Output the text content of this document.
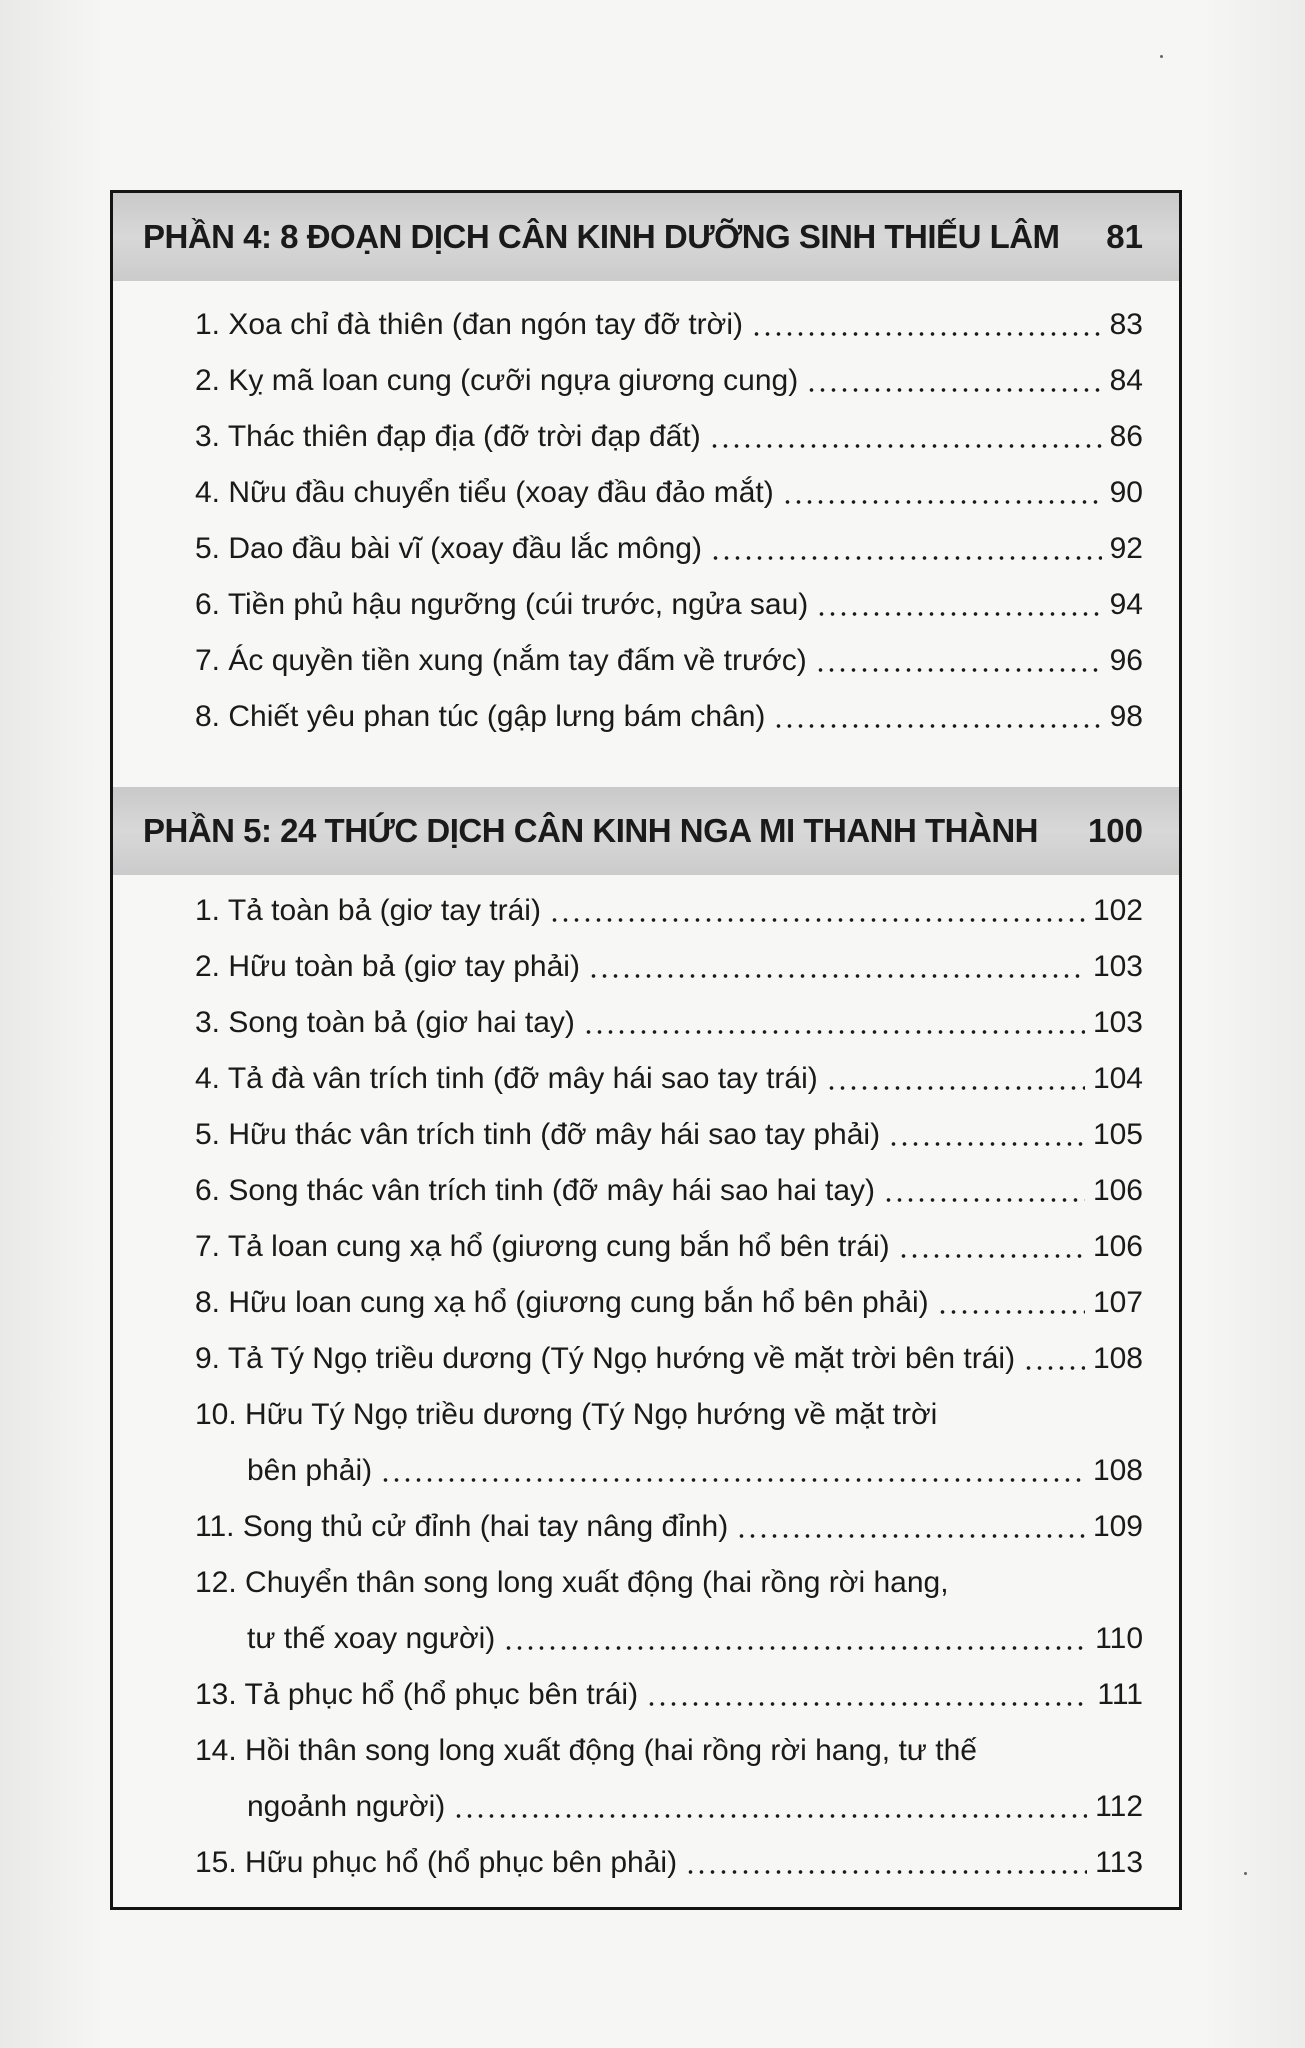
PHẦN 4: 8 ĐOẠN DỊCH CÂN KINH DƯỠNG SINH THIẾU LÂM 81
1. Xoa chỉ đà thiên (đan ngón tay đỡ trời)	83
2. Kỵ mã loan cung (cưỡi ngựa giương cung)	84
3. Thác thiên đạp địa (đỡ trời đạp đất)	86
4. Nữu đầu chuyển tiểu (xoay đầu đảo mắt)	90
5. Dao đầu bài vĩ (xoay đầu lắc mông)	92
6. Tiền phủ hậu ngưỡng (cúi trước, ngửa sau)	94
7. Ác quyền tiền xung (nắm tay đấm về trước)	96
8. Chiết yêu phan túc (gập lưng bám chân)	98
PHẦN 5: 24 THỨC DỊCH CÂN KINH NGA MI THANH THÀNH 100
1. Tả toàn bả (giơ tay trái)	102
2. Hữu toàn bả (giơ tay phải)	103
3. Song toàn bả (giơ hai tay)	103
4. Tả đà vân trích tinh (đỡ mây hái sao tay trái)	104
5. Hữu thác vân trích tinh (đỡ mây hái sao tay phải)	105
6. Song thác vân trích tinh (đỡ mây hái sao hai tay)	106
7. Tả loan cung xạ hổ (giương cung bắn hổ bên trái)	106
8. Hữu loan cung xạ hổ (giương cung bắn hổ bên phải)	107
9. Tả Tý Ngọ triều dương (Tý Ngọ hướng về mặt trời bên trái)	108
10. Hữu Tý Ngọ triều dương (Tý Ngọ hướng về mặt trời
bên phải)	108
11. Song thủ cử đỉnh (hai tay nâng đỉnh)	109
12. Chuyển thân song long xuất động (hai rồng rời hang,
tư thế xoay người)	110
13. Tả phục hổ (hổ phục bên trái)	111
14. Hồi thân song long xuất động (hai rồng rời hang, tư thế
ngoảnh người)	112
15. Hữu phục hổ (hổ phục bên phải)	113
